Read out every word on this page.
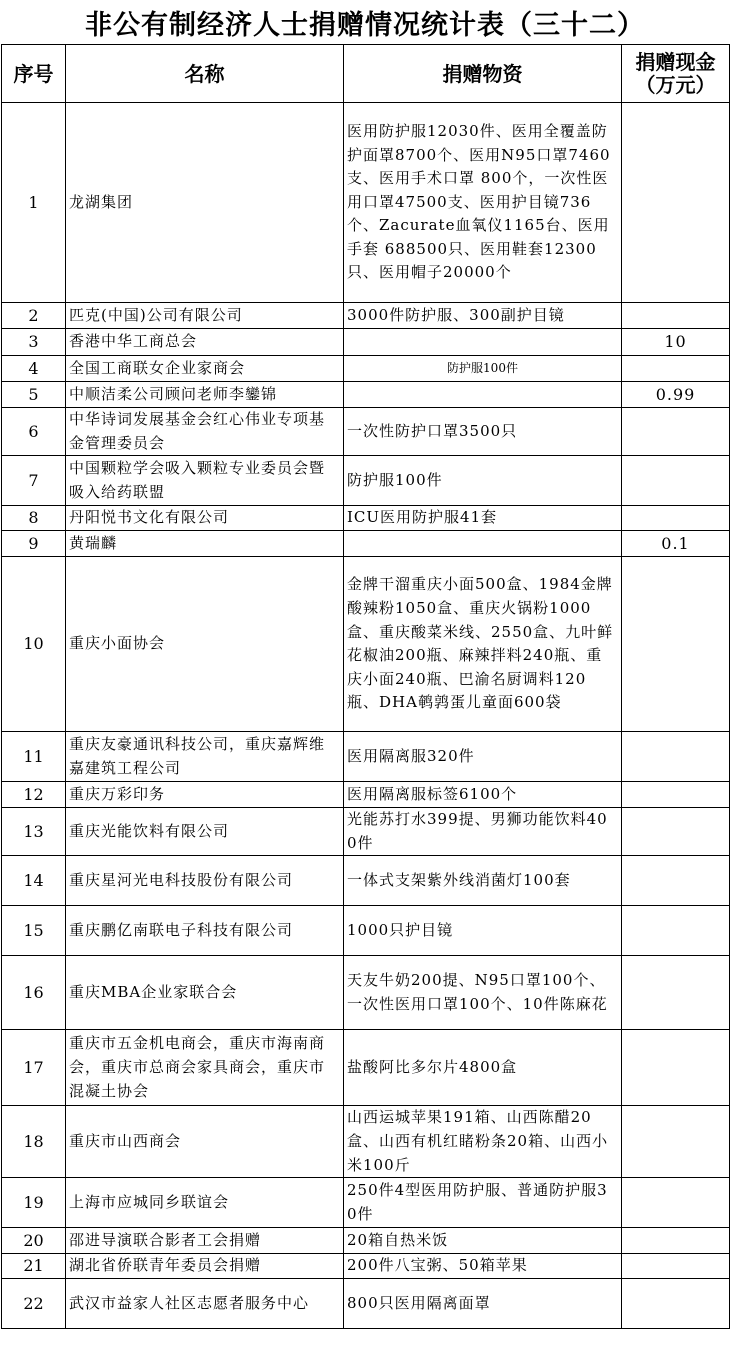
非公有制经济人士捐赠情况统计表（三十二）
序号	名称	捐赠物资	捐赠现金（万元）
1	龙湖集团	医用防护服12030件、医用全覆盖防护面罩8700个、医用N95口罩7460支、医用手术口罩 800个，一次性医用口罩47500支、医用护目镜736个、Zacurate血氧仪1165台、医用手套 688500只、医用鞋套12300只、医用帽子20000个	
2	匹克(中国)公司有限公司	3000件防护服、300副护目镜	
3	香港中华工商总会		10
4	全国工商联女企业家商会	防护服100件	
5	中顺洁柔公司顾问老师李鑾锦		0.99
6	中华诗词发展基金会红心伟业专项基金管理委员会	一次性防护口罩3500只	
7	中国颗粒学会吸入颗粒专业委员会暨吸入给药联盟	防护服100件	
8	丹阳悦书文化有限公司	ICU医用防护服41套	
9	黄瑞麟		0.1
10	重庆小面协会	金牌干溜重庆小面500盒、1984金牌酸辣粉1050盒、重庆火锅粉1000盒、重庆酸菜米线、2550盒、九叶鲜花椒油200瓶、麻辣拌料240瓶、重庆小面240瓶、巴渝名厨调料120瓶、DHA鹌鹑蛋儿童面600袋	
11	重庆友豪通讯科技公司，重庆嘉辉维嘉建筑工程公司	医用隔离服320件	
12	重庆万彩印务	医用隔离服标签6100个	
13	重庆光能饮料有限公司	光能苏打水399提、男狮功能饮料400件	
14	重庆星河光电科技股份有限公司	一体式支架紫外线消菌灯100套	
15	重庆鹏亿南联电子科技有限公司	1000只护目镜	
16	重庆MBA企业家联合会	天友牛奶200提、N95口罩100个、一次性医用口罩100个、10件陈麻花	
17	重庆市五金机电商会，重庆市海南商会，重庆市总商会家具商会，重庆市混凝土协会	盐酸阿比多尔片4800盒	
18	重庆市山西商会	山西运城苹果191箱、山西陈醋20盒、山西有机红睹粉条20箱、山西小米100斤	
19	上海市应城同乡联谊会	250件4型医用防护服、普通防护服30件	
20	邵进导演联合影者工会捐赠	20箱自热米饭	
21	湖北省侨联青年委员会捐赠	200件八宝粥、50箱苹果	
22	武汉市益家人社区志愿者服务中心	800只医用隔离面罩	
